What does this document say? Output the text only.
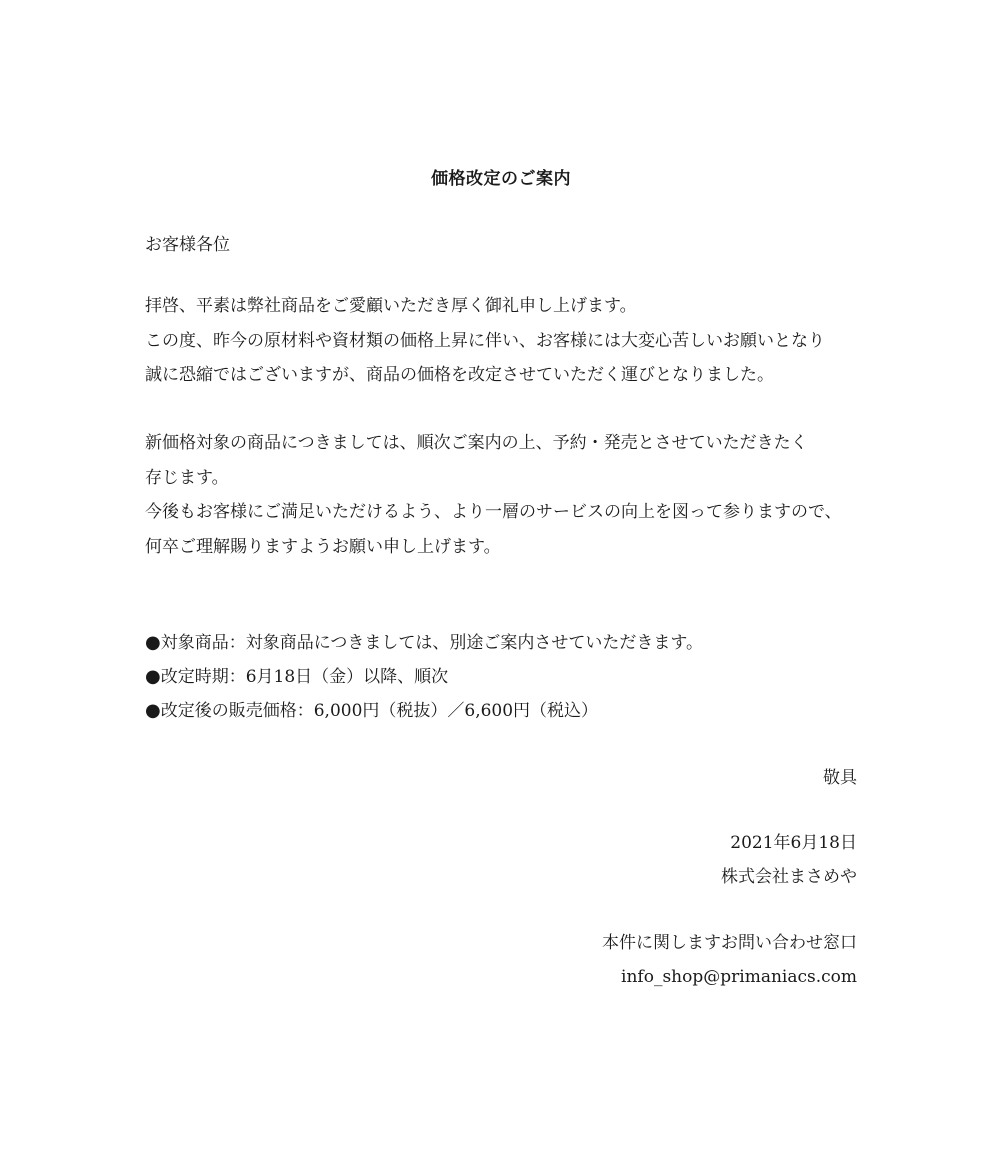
価格改定のご案内
お客様各位
拝啓、平素は弊社商品をご愛顧いただき厚く御礼申し上げます。
この度、昨今の原材料や資材類の価格上昇に伴い、お客様には大変心苦しいお願いとなり
誠に恐縮ではございますが、商品の価格を改定させていただく運びとなりました。
新価格対象の商品につきましては、順次ご案内の上、予約・発売とさせていただきたく
存じます。
今後もお客様にご満足いただけるよう、より一層のサービスの向上を図って参りますので、
何卒ご理解賜りますようお願い申し上げます。
●対象商品：対象商品につきましては、別途ご案内させていただきます。
●改定時期：6月18日（金）以降、順次
●改定後の販売価格：6,000円（税抜）／6,600円（税込）
敬具
2021年6月18日
株式会社まさめや
本件に関しますお問い合わせ窓口
info_shop@primaniacs.com
